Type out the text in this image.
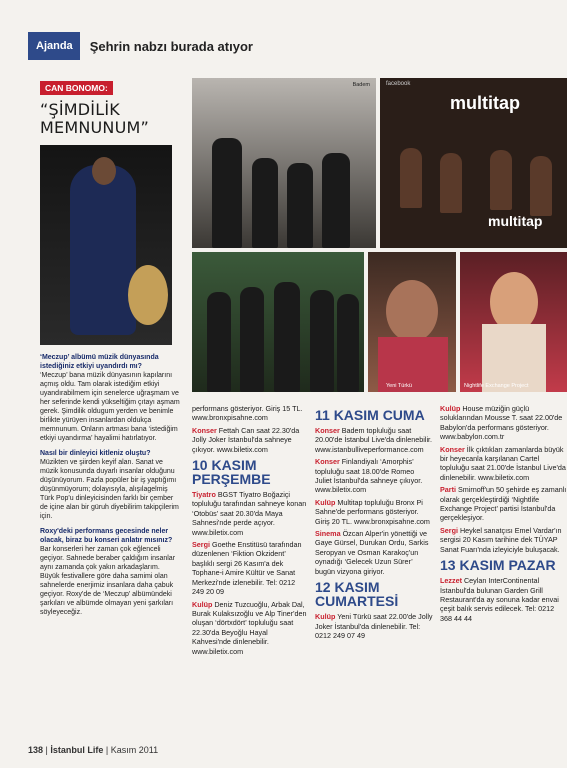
Ajanda	Şehrin nabzı burada atıyor
CAN BONOMO:
“ŞİMDİLİK MEMNUNUM”
‘Meczup’ albümü müzik dünyasında istediğiniz etkiyi uyandırdı mı?
‘Meczup’ bana müzik dünyasının kapılarını açmış oldu. Tam olarak istediğim etkiyi uyandırabilmem için senelerce uğraşmam ve her seferinde kendi yükseltiğim çıtayı aşmam gerek. Şimdilik oldugum yerden ve benimle birlikte yürüyen insanlardan oldukça memnunum. Onların artması bana ‘istediğim etkiyi uyandırma’ hayalimi hatırlatıyor.
Nasıl bir dinleyici kitleniz oluştu?
Müzikten ve şiirden keyif alan. Sanat ve müzik konusunda duyarlı insanlar olduğunu düşünüyorum. Fazla popüler bir iş yaptığımı düşünmüyorum; dolayısıyla, alışılagelmiş Türk Pop'u dinleyicisinden farklı bir çember de içine alan bir güruh diyebilirim takipçilerim için.
Roxy'deki performans gecesinde neler olacak, biraz bu konseri anlatır mısınız?
Bar konserleri her zaman çok eğlenceli geçiyor. Sahnede beraber çaldığım insanlar aynı zamanda çok yakın arkadaşlarım. Büyük festivallere göre daha samimi olan sahnelerde enerjimiz insanlara daha çabuk geçiyor. Roxy'de de ‘Meczup’ albümündeki şarkıları ve albümde olmayan yeni şarkıları söyleyeceğiz.
Badem	facebook
multitap
multitap
Yeni Türkü	Nightlife Exchange Project
performans gösteriyor. Giriş 15 TL. www.bronxpisahne.com
Konser Fettah Can saat 22.30'da Jolly Joker İstanbul'da sahneye çıkıyor. www.biletix.com
10 KASIM PERŞEMBE
Tiyatro BGST Tiyatro Boğaziçi topluluğu tarafından sahneye konan ‘Otobüs’ saat 20.30'da Maya Sahnesi'nde perde açıyor. www.biletix.com
Sergi Goethe Enstitüsü tarafından düzenlenen ‘Fiktion Okzident’ başlıklı sergi 26 Kasım'a dek Tophane-i Amire Kültür ve Sanat Merkezi'nde izlenebilir. Tel: 0212 249 20 09
Kulüp Deniz Tuzcuoğlu, Arbak Dal, Burak Kulaksızoğlu ve Alp Tiner'den oluşan ‘dörtxdört’ topluluğu saat 22.30'da Beyoğlu Hayal Kahvesi'nde dinlenebilir. www.biletix.com
11 KASIM CUMA
Konser Badem topluluğu saat 20.00'de İstanbul Live'da dinlenebilir. www.istanbulliveperformance.com
Konser Finlandiyalı ‘Amorphis’ topluluğu saat 18.00'de Romeo Juliet İstanbul'da sahneye çıkıyor. www.biletix.com
Kulüp Multitap topluluğu Bronx Pi Sahne'de performans gösteriyor. Giriş 20 TL. www.bronxpisahne.com
Sinema Özcan Alper'in yönettiği ve Gaye Gürsel, Durukan Ordu, Sarkis Seropyan ve Osman Karakoç'un oynadığı ‘Gelecek Uzun Sürer’ bugün vizyona giriyor.
12 KASIM CUMARTESİ
Kulüp Yeni Türkü saat 22.00'de Jolly Joker İstanbul'da dinlenebilir. Tel: 0212 249 07 49
Kulüp House müziğin güçlü soluklarından Mousse T. saat 22.00'de Babylon'da performans gösteriyor. www.babylon.com.tr
Konser İlk çıktıkları zamanlarda büyük bir heyecanla karşılanan Cartel topluluğu saat 21.00'de İstanbul Live'da dinlenebilir. www.biletix.com
Parti Smirnoff'un 50 şehirde eş zamanlı olarak gerçekleştirdiği ‘Nightlife Exchange Project’ partisi İstanbul'da gerçekleşiyor.
Sergi Heykel sanatçısı Emel Vardar'ın sergisi 20 Kasım tarihine dek TÜYAP Sanat Fuarı'nda izleyiciyle buluşacak.
13 KASIM PAZAR
Lezzet Ceylan InterContinental İstanbul'da bulunan Garden Grill Restaurant'da ay sonuna kadar envai çeşit balık servis edilecek. Tel: 0212 368 44 44
138 | İstanbul Life | Kasım 2011
